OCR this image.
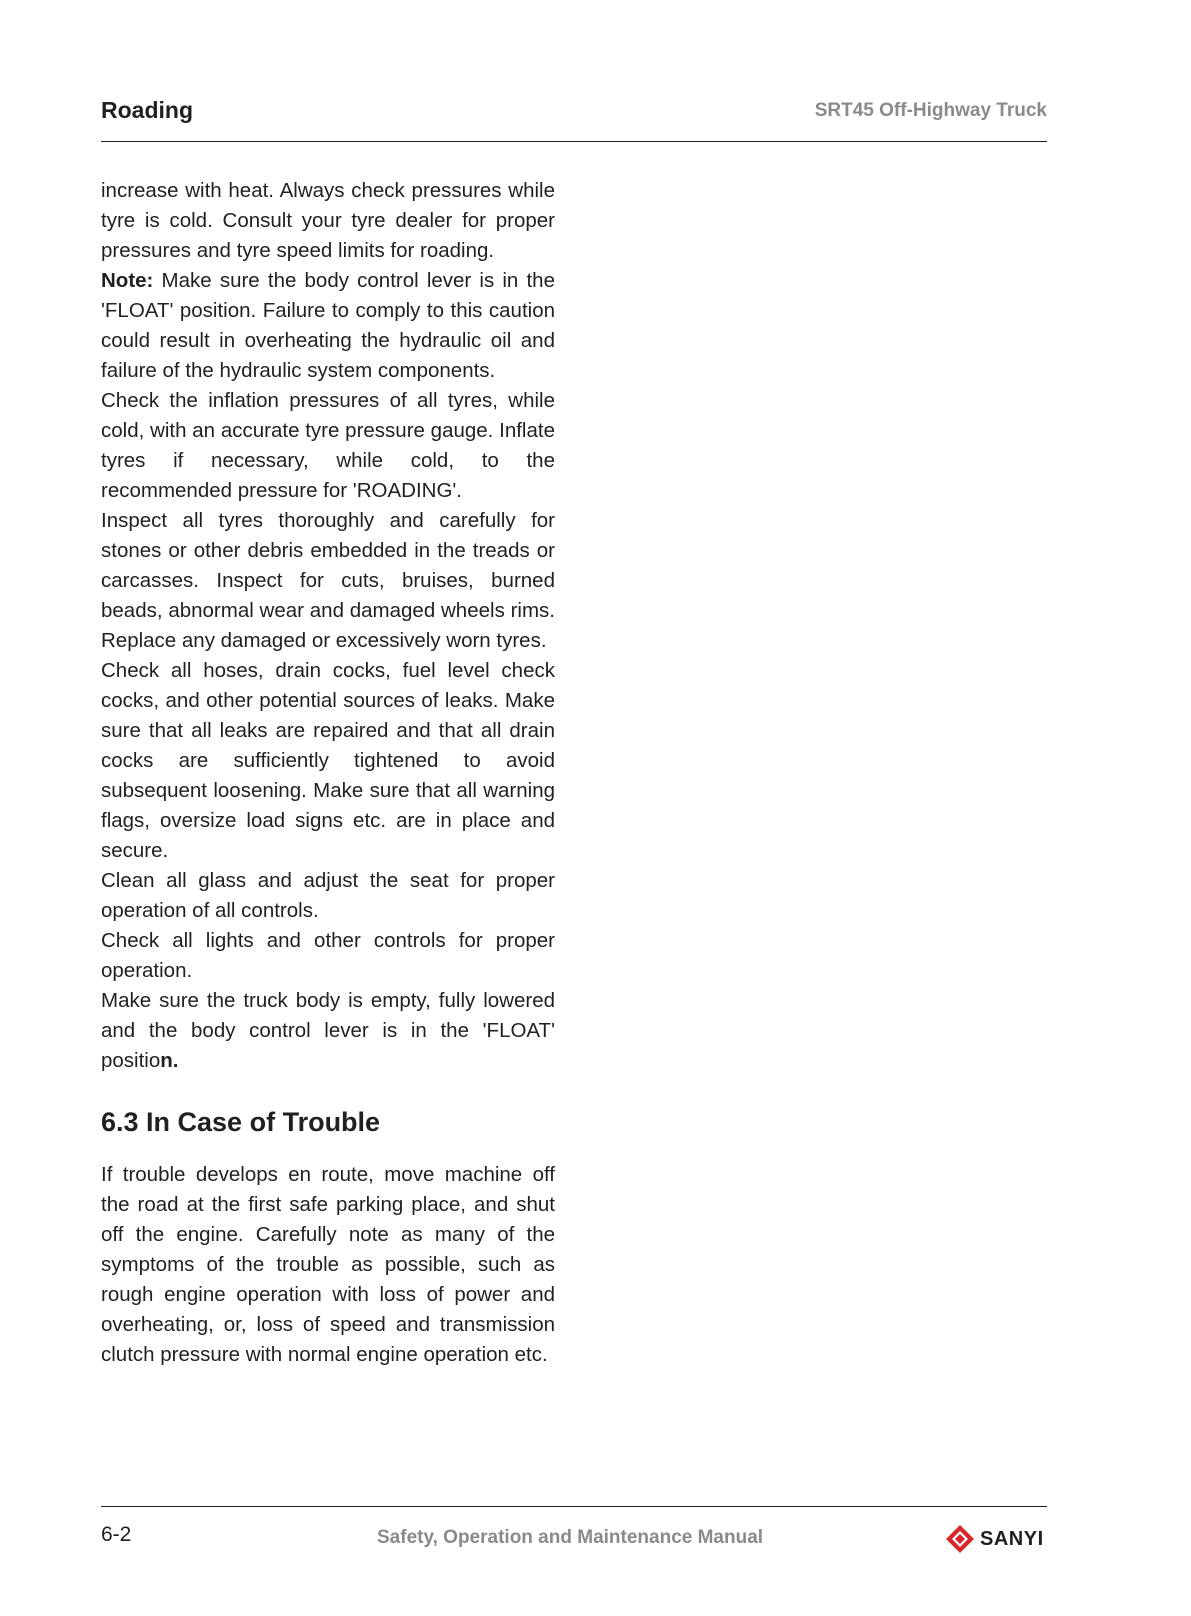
Roading	SRT45 Off-Highway Truck

increase with heat. Always check pressures while tyre is cold. Consult your tyre dealer for proper pressures and tyre speed limits for roading.

Note: Make sure the body control lever is in the 'FLOAT' position. Failure to comply to this caution could result in overheating the hydraulic oil and failure of the hydraulic system components.

Check the inflation pressures of all tyres, while cold, with an accurate tyre pressure gauge. Inflate tyres if necessary, while cold, to the recommended pressure for 'ROADING'.

Inspect all tyres thoroughly and carefully for stones or other debris embedded in the treads or carcasses. Inspect for cuts, bruises, burned beads, abnormal wear and damaged wheels rims. Replace any damaged or excessively worn tyres.

Check all hoses, drain cocks, fuel level check cocks, and other potential sources of leaks. Make sure that all leaks are repaired and that all drain cocks are sufficiently tightened to avoid subsequent loosening. Make sure that all warning flags, oversize load signs etc. are in place and secure.

Clean all glass and adjust the seat for proper operation of all controls.

Check all lights and other controls for proper operation.

Make sure the truck body is empty, fully lowered and the body control lever is in the 'FLOAT' position.

6.3 In Case of Trouble

If trouble develops en route, move machine off the road at the first safe parking place, and shut off the engine. Carefully note as many of the symptoms of the trouble as possible, such as rough engine operation with loss of power and overheating, or, loss of speed and transmission clutch pressure with normal engine operation etc.

6-2	Safety, Operation and Maintenance Manual	SANYI
